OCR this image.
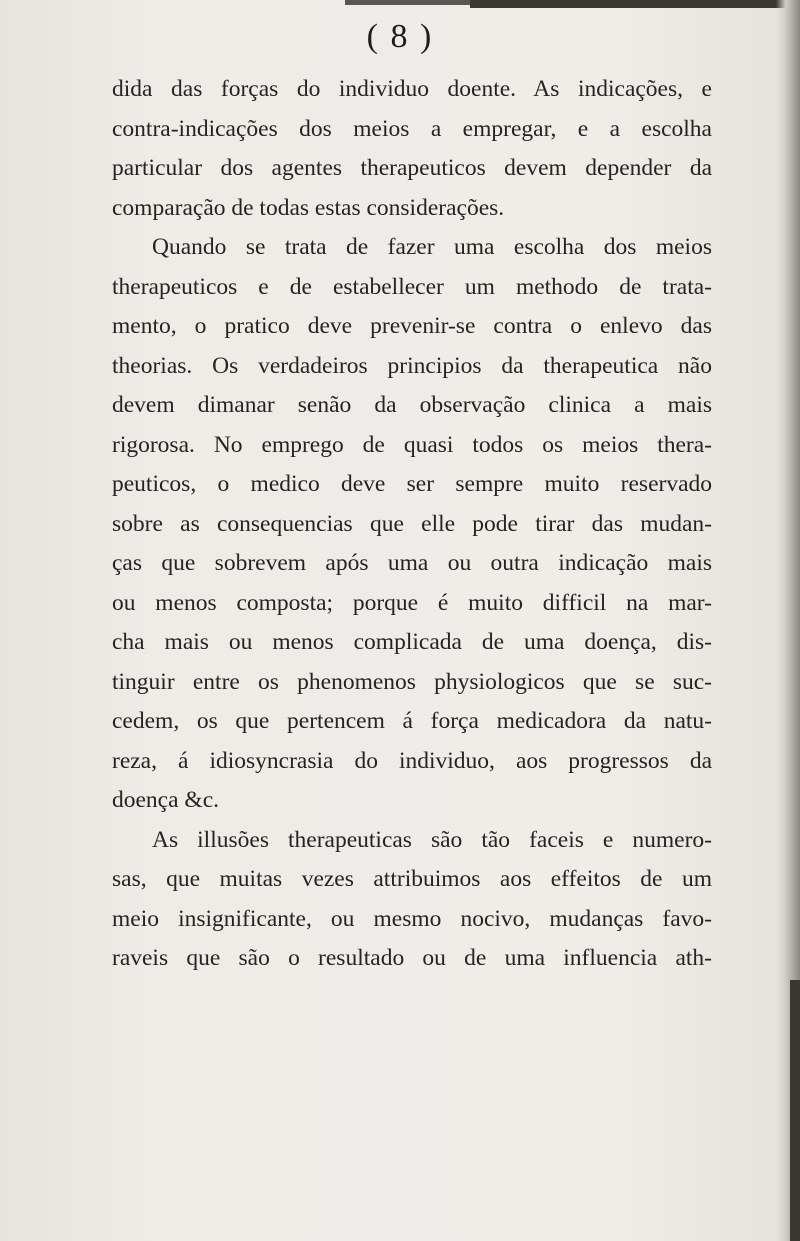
( 8 )
dida das forças do individuo doente. As indicações, e
contra-indicações dos meios a empregar, e a escolha
particular dos agentes therapeuticos devem depender da
comparação de todas estas considerações.
Quando se trata de fazer uma escolha dos meios
therapeuticos e de estabellecer um methodo de trata-
mento, o pratico deve prevenir-se contra o enlevo das
theorias. Os verdadeiros principios da therapeutica não
devem dimanar senão da observação clinica a mais
rigorosa. No emprego de quasi todos os meios thera-
peuticos, o medico deve ser sempre muito reservado
sobre as consequencias que elle pode tirar das mudan-
ças que sobrevem após uma ou outra indicação mais
ou menos composta; porque é muito difficil na mar-
cha mais ou menos complicada de uma doença, dis-
tinguir entre os phenomenos physiologicos que se suc-
cedem, os que pertencem á força medicadora da natu-
reza, á idiosyncrasia do individuo, aos progressos da
doença &c.
As illusões therapeuticas são tão faceis e numero-
sas, que muitas vezes attribuimos aos effeitos de um
meio insignificante, ou mesmo nocivo, mudanças favo-
raveis que são o resultado ou de uma influencia ath-
